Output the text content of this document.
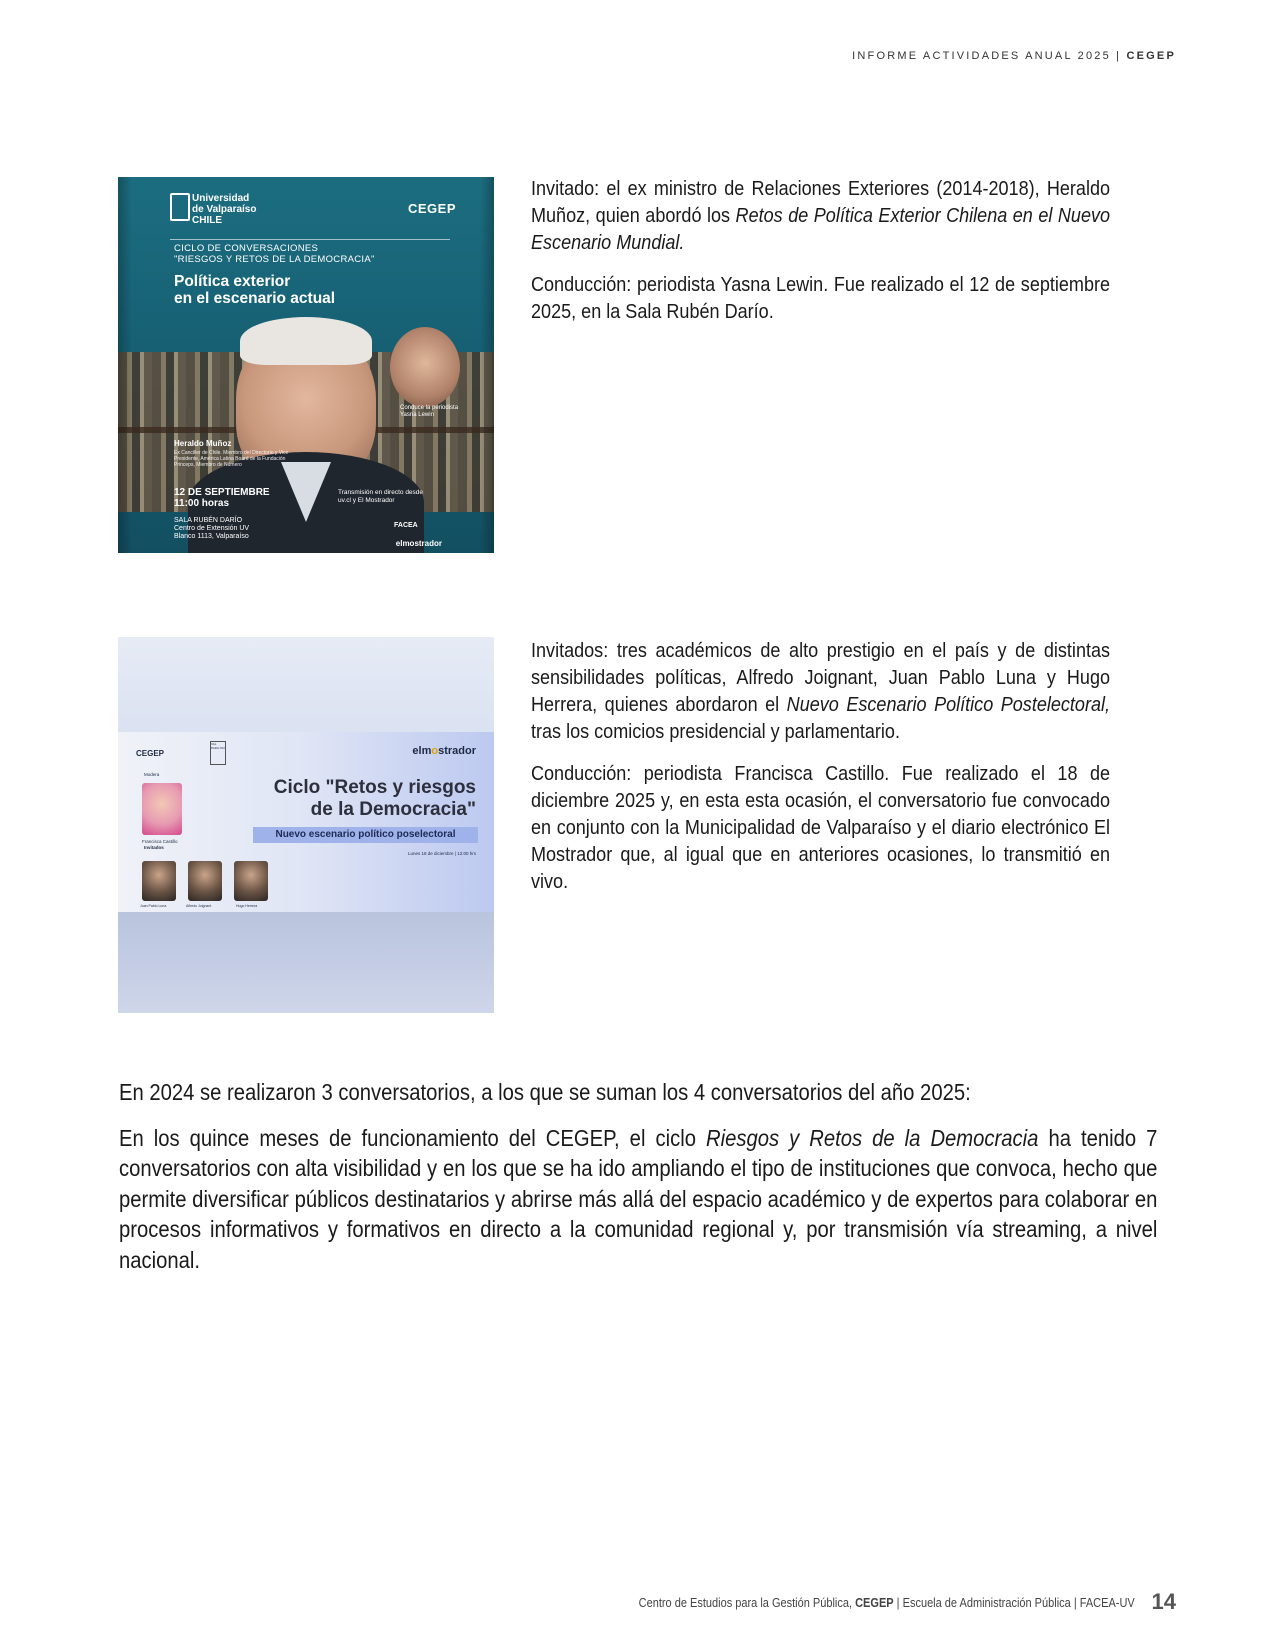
INFORME ACTIVIDADES ANUAL 2025 | CEGEP
Universidad de Valparaíso CHILE
CEGEP
CICLO DE CONVERSACIONES
"RIESGOS Y RETOS DE LA DEMOCRACIA"
Política exterior
en el escenario actual
Conduce la periodista Yasna Lewin
Heraldo Muñoz
Ex Canciller de Chile. Miembro del Directorio y Vice Presidente, América Latina Board de la Fundación Princeps, Miembro de Número
12 DE SEPTIEMBRE
11:00 horas
SALA RUBÉN DARÍO
Centro de Extensión UV
Blanco 1113, Valparaíso
Transmisión en directo desde
uv.cl y El Mostrador
FACEA
elmostrador

Invitado: el ex ministro de Relaciones Exteriores (2014-2018), Heraldo Muñoz, quien abordó los Retos de Política Exterior Chilena en el Nuevo Escenario Mundial.

Conducción: periodista Yasna Lewin. Fue realizado el 12 de septiembre 2025, en la Sala Rubén Darío.

CEGEP
VAL PARA ISO	elmostrador
Modera
Francisca Castillo
Invitados
Juan Pablo Luna	Alfredo Joignant	Hugo Herrera
Ciclo "Retos y riesgos
de la Democracia"
Nuevo escenario político poselectoral
Lunes 18 de diciembre | 12:00 hrs

Invitados: tres académicos de alto prestigio en el país y de distintas sensibilidades políticas, Alfredo Joignant, Juan Pablo Luna y Hugo Herrera, quienes abordaron el Nuevo Escenario Político Postelectoral, tras los comicios presidencial y parlamentario.

Conducción: periodista Francisca Castillo. Fue realizado el 18 de diciembre 2025 y, en esta esta ocasión, el conversatorio fue convocado en conjunto con la Municipalidad de Valparaíso y el diario electrónico El Mostrador que, al igual que en anteriores ocasiones, lo transmitió en vivo.

En 2024 se realizaron 3 conversatorios, a los que se suman los 4 conversatorios del año 2025:

En los quince meses de funcionamiento del CEGEP, el ciclo Riesgos y Retos de la Democracia ha tenido 7 conversatorios con alta visibilidad y en los que se ha ido ampliando el tipo de instituciones que convoca, hecho que permite diversificar públicos destinatarios y abrirse más allá del espacio académico y de expertos para colaborar en procesos informativos y formativos en directo a la comunidad regional y, por transmisión vía streaming, a nivel nacional.

Centro de Estudios para la Gestión Pública, CEGEP | Escuela de Administración Pública | FACEA-UV 14
